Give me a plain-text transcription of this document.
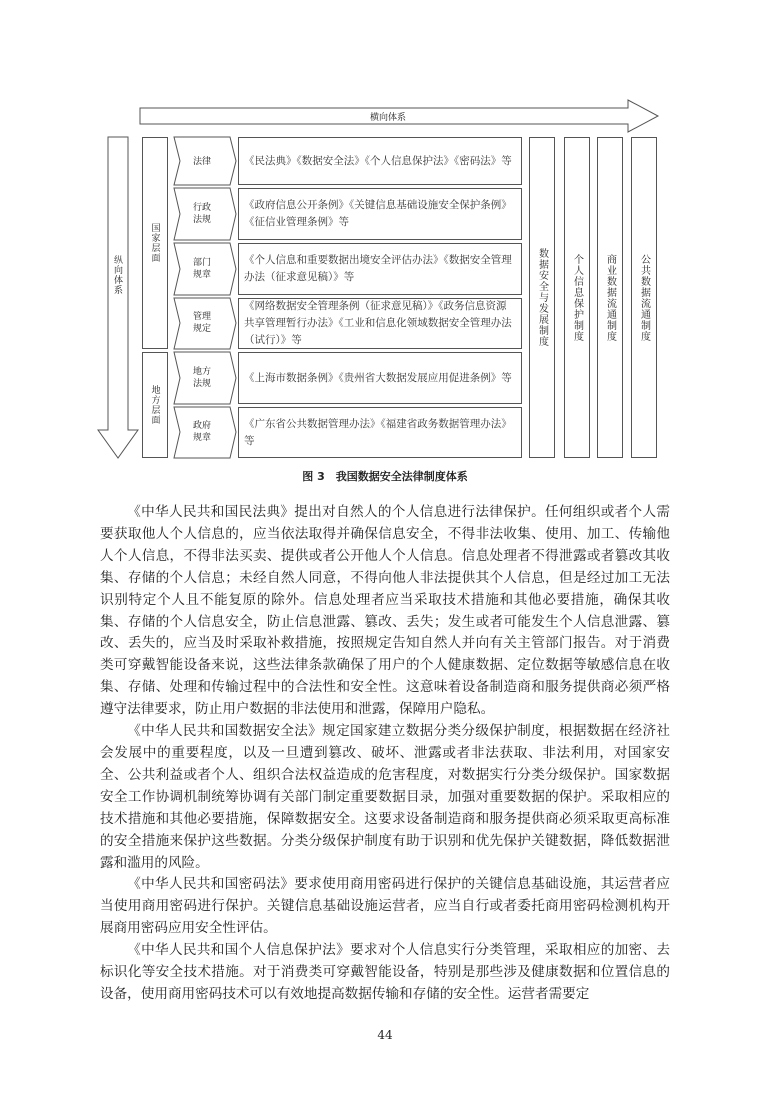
横向体系
纵向体系
国家层面
地方层面
法律
行政法规
部门规章
管理规定
地方法规
政府规章
《民法典》《数据安全法》《个人信息保护法》《密码法》等
《政府信息公开条例》《关键信息基础设施安全保护条例》《征信业管理条例》等
《个人信息和重要数据出境安全评估办法》《数据安全管理办法（征求意见稿）》等
《网络数据安全管理条例（征求意见稿）》《政务信息资源共享管理暂行办法》《工业和信息化领域数据安全管理办法（试行）》等
《上海市数据条例》《贵州省大数据发展应用促进条例》等
《广东省公共数据管理办法》《福建省政务数据管理办法》等
数据安全与发展制度 个人信息保护制度 商业数据流通制度 公共数据流通制度
图 3　我国数据安全法律制度体系

《中华人民共和国民法典》提出对自然人的个人信息进行法律保护。任何组织或者个人需要获取他人个人信息的，应当依法取得并确保信息安全，不得非法收集、使用、加工、传输他人个人信息，不得非法买卖、提供或者公开他人个人信息。信息处理者不得泄露或者篡改其收集、存储的个人信息；未经自然人同意，不得向他人非法提供其个人信息，但是经过加工无法识别特定个人且不能复原的除外。信息处理者应当采取技术措施和其他必要措施，确保其收集、存储的个人信息安全，防止信息泄露、篡改、丢失；发生或者可能发生个人信息泄露、篡改、丢失的，应当及时采取补救措施，按照规定告知自然人并向有关主管部门报告。对于消费类可穿戴智能设备来说，这些法律条款确保了用户的个人健康数据、定位数据等敏感信息在收集、存储、处理和传输过程中的合法性和安全性。这意味着设备制造商和服务提供商必须严格遵守法律要求，防止用户数据的非法使用和泄露，保障用户隐私。

《中华人民共和国数据安全法》规定国家建立数据分类分级保护制度，根据数据在经济社会发展中的重要程度，以及一旦遭到篡改、破坏、泄露或者非法获取、非法利用，对国家安全、公共利益或者个人、组织合法权益造成的危害程度，对数据实行分类分级保护。国家数据安全工作协调机制统筹协调有关部门制定重要数据目录，加强对重要数据的保护。采取相应的技术措施和其他必要措施，保障数据安全。这要求设备制造商和服务提供商必须采取更高标准的安全措施来保护这些数据。分类分级保护制度有助于识别和优先保护关键数据，降低数据泄露和滥用的风险。

《中华人民共和国密码法》要求使用商用密码进行保护的关键信息基础设施，其运营者应当使用商用密码进行保护。关键信息基础设施运营者，应当自行或者委托商用密码检测机构开展商用密码应用安全性评估。

《中华人民共和国个人信息保护法》要求对个人信息实行分类管理，采取相应的加密、去标识化等安全技术措施。对于消费类可穿戴智能设备，特别是那些涉及健康数据和位置信息的设备，使用商用密码技术可以有效地提高数据传输和存储的安全性。运营者需要定

44
